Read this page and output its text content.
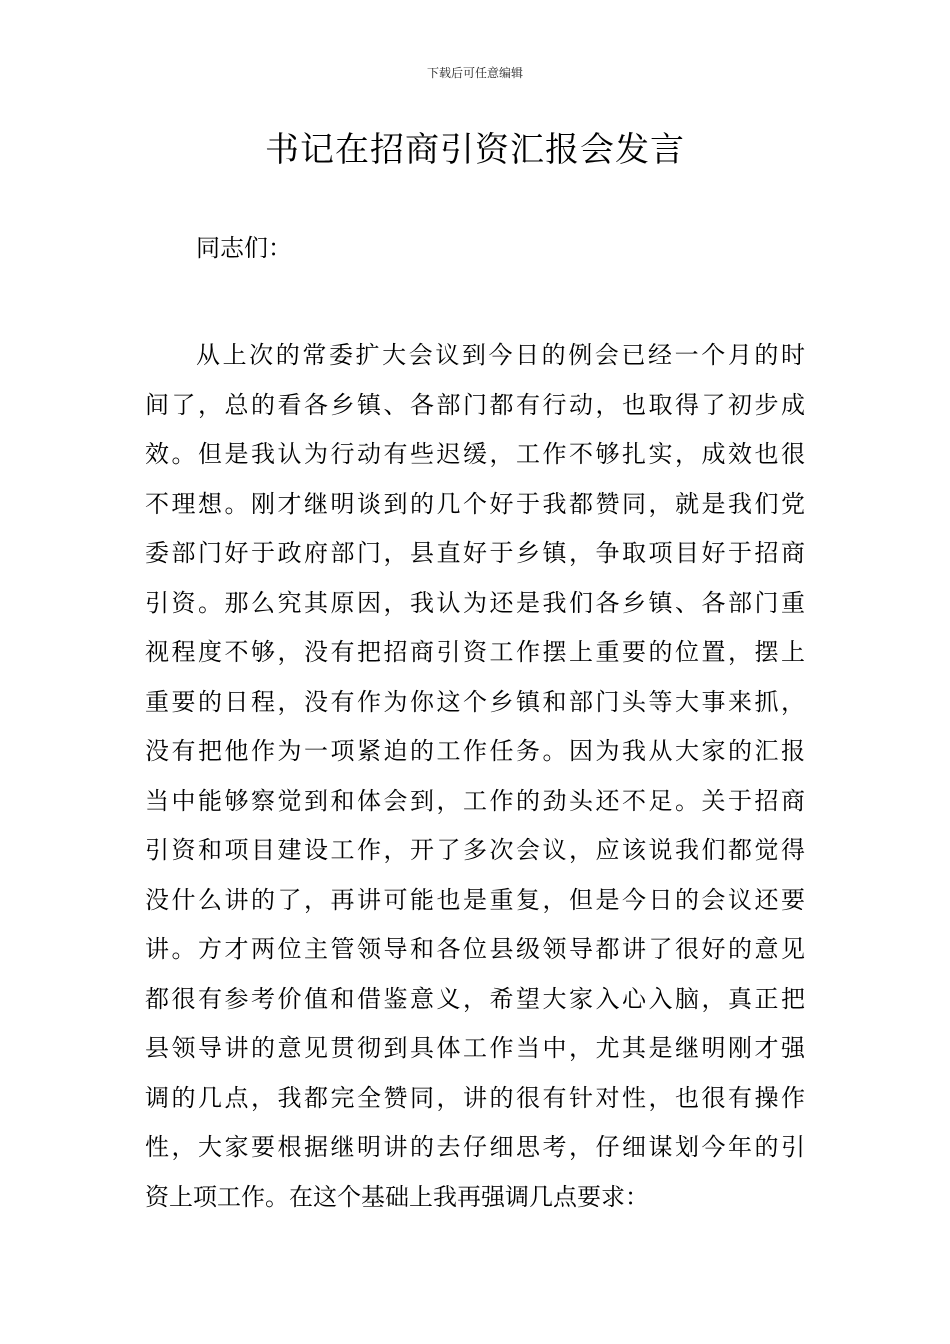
下载后可任意编辑
书记在招商引资汇报会发言

同志们：

从上次的常委扩大会议到今日的例会已经一个月的时
间了，总的看各乡镇、各部门都有行动，也取得了初步成
效。但是我认为行动有些迟缓，工作不够扎实，成效也很
不理想。刚才继明谈到的几个好于我都赞同，就是我们党
委部门好于政府部门，县直好于乡镇，争取项目好于招商
引资。那么究其原因，我认为还是我们各乡镇、各部门重
视程度不够，没有把招商引资工作摆上重要的位置，摆上
重要的日程，没有作为你这个乡镇和部门头等大事来抓，
没有把他作为一项紧迫的工作任务。因为我从大家的汇报
当中能够察觉到和体会到，工作的劲头还不足。关于招商
引资和项目建设工作，开了多次会议，应该说我们都觉得
没什么讲的了，再讲可能也是重复，但是今日的会议还要
讲。方才两位主管领导和各位县级领导都讲了很好的意见
都很有参考价值和借鉴意义，希望大家入心入脑，真正把
县领导讲的意见贯彻到具体工作当中，尤其是继明刚才强
调的几点，我都完全赞同，讲的很有针对性，也很有操作
性，大家要根据继明讲的去仔细思考，仔细谋划今年的引
资上项工作。在这个基础上我再强调几点要求：
